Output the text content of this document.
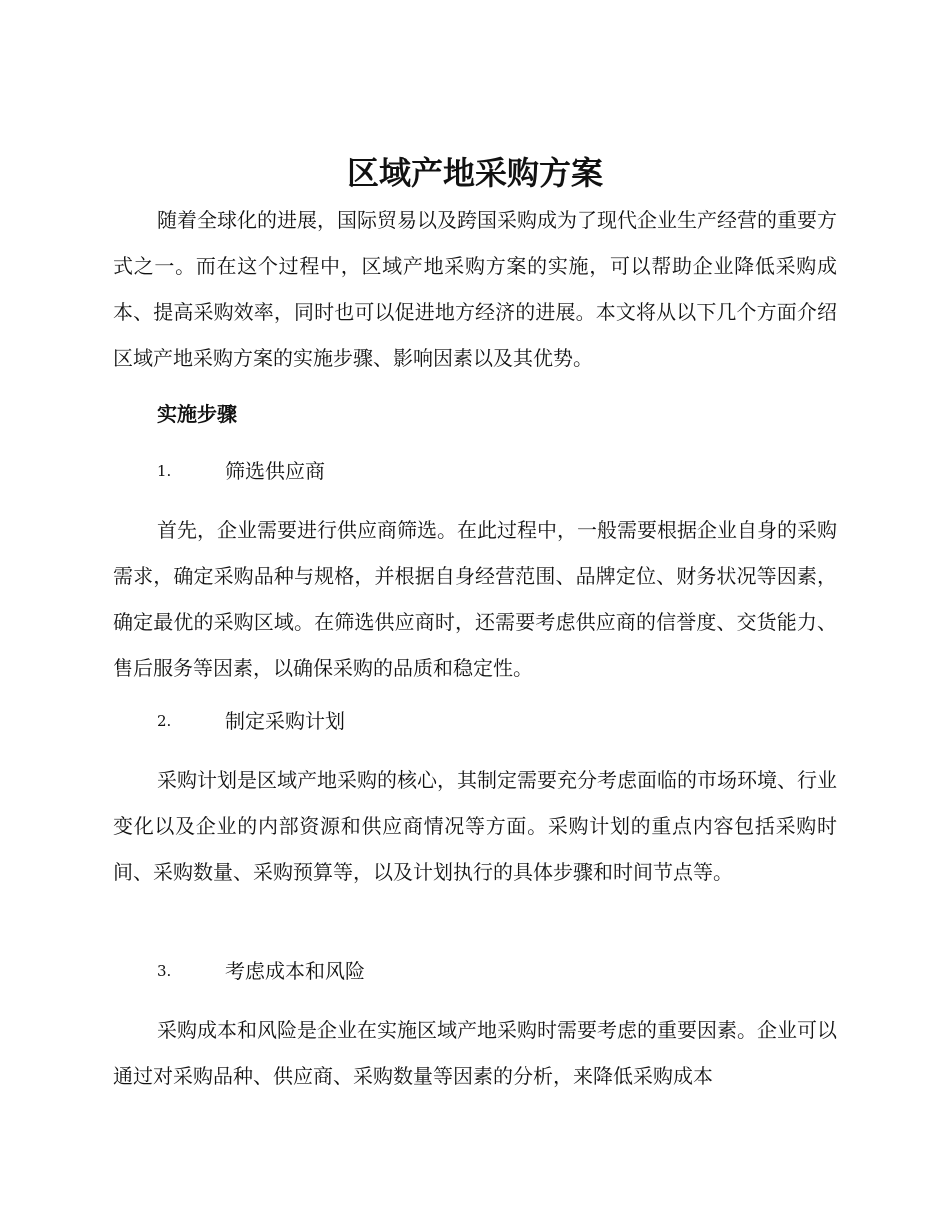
区域产地采购方案

随着全球化的进展，国际贸易以及跨国采购成为了现代企业生产经营的重要方式之一。而在这个过程中，区域产地采购方案的实施，可以帮助企业降低采购成本、提高采购效率，同时也可以促进地方经济的进展。本文将从以下几个方面介绍区域产地采购方案的实施步骤、影响因素以及其优势。

实施步骤

1.	筛选供应商

首先，企业需要进行供应商筛选。在此过程中，一般需要根据企业自身的采购需求，确定采购品种与规格，并根据自身经营范围、品牌定位、财务状况等因素，确定最优的采购区域。在筛选供应商时，还需要考虑供应商的信誉度、交货能力、售后服务等因素，以确保采购的品质和稳定性。

2.	制定采购计划

采购计划是区域产地采购的核心，其制定需要充分考虑面临的市场环境、行业变化以及企业的内部资源和供应商情况等方面。采购计划的重点内容包括采购时间、采购数量、采购预算等，以及计划执行的具体步骤和时间节点等。

3.	考虑成本和风险

采购成本和风险是企业在实施区域产地采购时需要考虑的重要因素。企业可以通过对采购品种、供应商、采购数量等因素的分析，来降低采购成本
